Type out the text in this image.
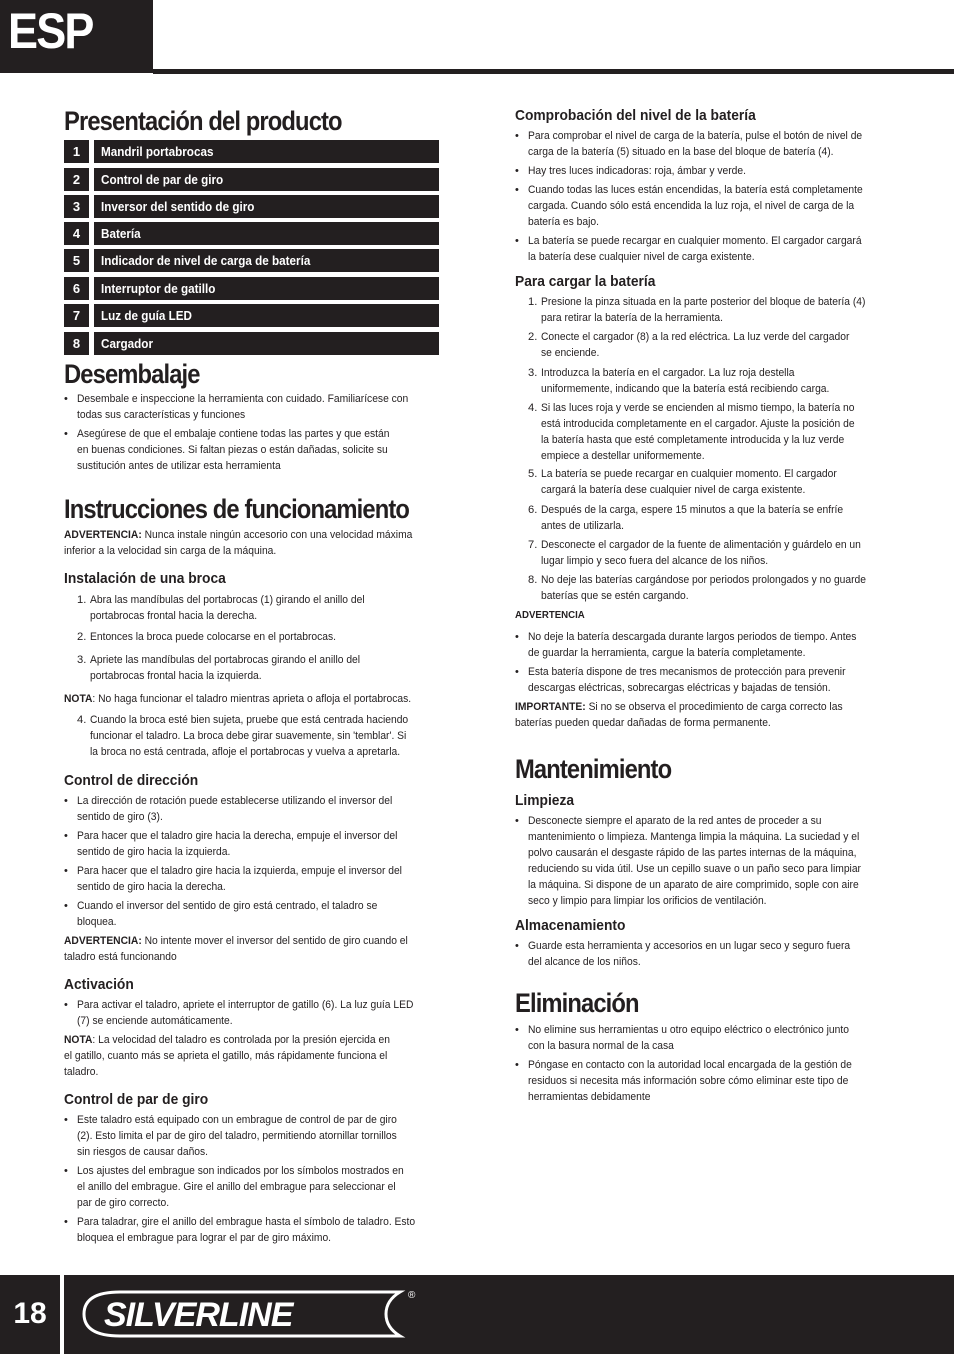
ESP
Presentación del producto
1	Mandril portabrocas
2	Control de par de giro
3	Inversor del sentido de giro
4	Batería
5	Indicador de nivel de carga de batería
6	Interruptor de gatillo
7	Luz de guía LED
8	Cargador
Desembalaje
• Desembale e inspeccione la herramienta con cuidado. Familiarícese con
todas sus características y funciones
• Asegúrese de que el embalaje contiene todas las partes y que están
en buenas condiciones. Si faltan piezas o están dañadas, solicite su
sustitución antes de utilizar esta herramienta
Instrucciones de funcionamiento
ADVERTENCIA: Nunca instale ningún accesorio con una velocidad máxima
inferior a la velocidad sin carga de la máquina.
Instalación de una broca
1. Abra las mandíbulas del portabrocas (1) girando el anillo del
portabrocas frontal hacia la derecha.
2. Entonces la broca puede colocarse en el portabrocas.
3. Apriete las mandíbulas del portabrocas girando el anillo del
portabrocas frontal hacia la izquierda.
NOTA: No haga funcionar el taladro mientras aprieta o afloja el portabrocas.
4. Cuando la broca esté bien sujeta, pruebe que está centrada haciendo
funcionar el taladro. La broca debe girar suavemente, sin 'temblar'. Si
la broca no está centrada, afloje el portabrocas y vuelva a apretarla.
Control de dirección
• La dirección de rotación puede establecerse utilizando el inversor del
sentido de giro (3).
• Para hacer que el taladro gire hacia la derecha, empuje el inversor del
sentido de giro hacia la izquierda.
• Para hacer que el taladro gire hacia la izquierda, empuje el inversor del
sentido de giro hacia la derecha.
• Cuando el inversor del sentido de giro está centrado, el taladro se
bloquea.
ADVERTENCIA: No intente mover el inversor del sentido de giro cuando el
taladro está funcionando
Activación
• Para activar el taladro, apriete el interruptor de gatillo (6). La luz guía LED
(7) se enciende automáticamente.
NOTA: La velocidad del taladro es controlada por la presión ejercida en
el gatillo, cuanto más se aprieta el gatillo, más rápidamente funciona el
taladro.
Control de par de giro
• Este taladro está equipado con un embrague de control de par de giro
(2). Esto limita el par de giro del taladro, permitiendo atornillar tornillos
sin riesgos de causar daños.
• Los ajustes del embrague son indicados por los símbolos mostrados en
el anillo del embrague. Gire el anillo del embrague para seleccionar el
par de giro correcto.
• Para taladrar, gire el anillo del embrague hasta el símbolo de taladro. Esto
bloquea el embrague para lograr el par de giro máximo.
Comprobación del nivel de la batería
• Para comprobar el nivel de carga de la batería, pulse el botón de nivel de
carga de la batería (5) situado en la base del bloque de batería (4).
• Hay tres luces indicadoras: roja, ámbar y verde.
• Cuando todas las luces están encendidas, la batería está completamente
cargada. Cuando sólo está encendida la luz roja, el nivel de carga de la
batería es bajo.
• La batería se puede recargar en cualquier momento. El cargador cargará
la batería dese cualquier nivel de carga existente.
Para cargar la batería
1. Presione la pinza situada en la parte posterior del bloque de batería (4)
para retirar la batería de la herramienta.
2. Conecte el cargador (8) a la red eléctrica. La luz verde del cargador
se enciende.
3. Introduzca la batería en el cargador. La luz roja destella
uniformemente, indicando que la batería está recibiendo carga.
4. Si las luces roja y verde se encienden al mismo tiempo, la batería no
está introducida completamente en el cargador. Ajuste la posición de
la batería hasta que esté completamente introducida y la luz verde
empiece a destellar uniformemente.
5. La batería se puede recargar en cualquier momento. El cargador
cargará la batería dese cualquier nivel de carga existente.
6. Después de la carga, espere 15 minutos a que la batería se enfríe
antes de utilizarla.
7. Desconecte el cargador de la fuente de alimentación y guárdelo en un
lugar limpio y seco fuera del alcance de los niños.
8. No deje las baterías cargándose por periodos prolongados y no guarde
baterías que se estén cargando.
ADVERTENCIA
• No deje la batería descargada durante largos periodos de tiempo. Antes
de guardar la herramienta, cargue la batería completamente.
• Esta batería dispone de tres mecanismos de protección para prevenir
descargas eléctricas, sobrecargas eléctricas y bajadas de tensión.
IMPORTANTE: Si no se observa el procedimiento de carga correcto las
baterías pueden quedar dañadas de forma permanente.
Mantenimiento
Limpieza
• Desconecte siempre el aparato de la red antes de proceder a su
mantenimiento o limpieza. Mantenga limpia la máquina. La suciedad y el
polvo causarán el desgaste rápido de las partes internas de la máquina,
reduciendo su vida útil. Use un cepillo suave o un paño seco para limpiar
la máquina. Si dispone de un aparato de aire comprimido, sople con aire
seco y limpio para limpiar los orificios de ventilación.
Almacenamiento
• Guarde esta herramienta y accesorios en un lugar seco y seguro fuera
del alcance de los niños.
Eliminación
• No elimine sus herramientas u otro equipo eléctrico o electrónico junto
con la basura normal de la casa
• Póngase en contacto con la autoridad local encargada de la gestión de
residuos si necesita más información sobre cómo eliminar este tipo de
herramientas debidamente
18	SILVERLINE
®
